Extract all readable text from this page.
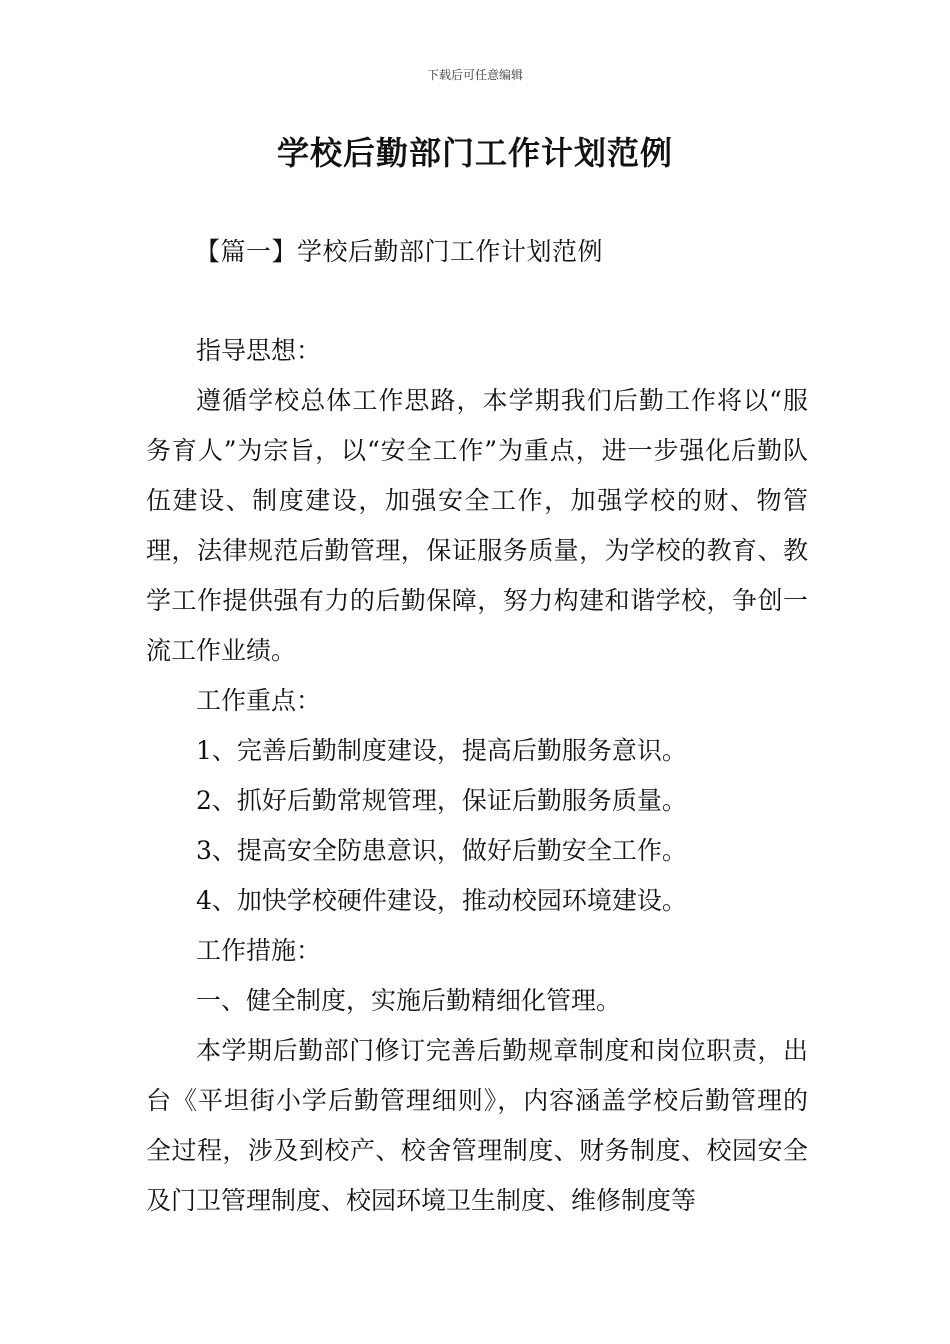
下载后可任意编辑
学校后勤部门工作计划范例
【篇一】学校后勤部门工作计划范例

指导思想：

遵循学校总体工作思路，本学期我们后勤工作将以“服务育人”为宗旨，以“安全工作”为重点，进一步强化后勤队伍建设、制度建设，加强安全工作，加强学校的财、物管理，法律规范后勤管理，保证服务质量，为学校的教育、教学工作提供强有力的后勤保障，努力构建和谐学校，争创一流工作业绩。

工作重点：

1、完善后勤制度建设，提高后勤服务意识。

2、抓好后勤常规管理，保证后勤服务质量。

3、提高安全防患意识，做好后勤安全工作。

4、加快学校硬件建设，推动校园环境建设。

工作措施：

一、健全制度，实施后勤精细化管理。

本学期后勤部门修订完善后勤规章制度和岗位职责，出台《平坦街小学后勤管理细则》，内容涵盖学校后勤管理的全过程，涉及到校产、校舍管理制度、财务制度、校园安全及门卫管理制度、校园环境卫生制度、维修制度等
